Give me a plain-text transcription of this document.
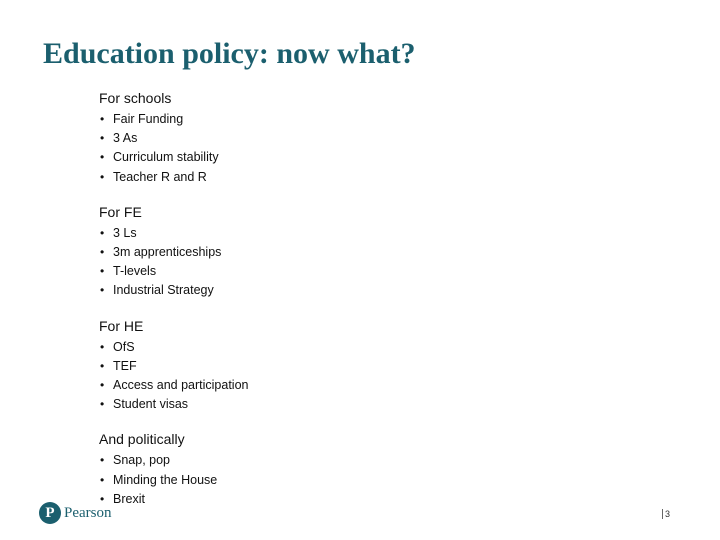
Education policy: now what?
For schools
• Fair Funding
• 3 As
• Curriculum stability
• Teacher R and R
For FE
• 3 Ls
• 3m apprenticeships
• T-levels
• Industrial Strategy
For HE
• OfS
• TEF
• Access and participation
• Student visas
And politically
• Snap, pop
• Minding the House
• Brexit
P Pearson	3
